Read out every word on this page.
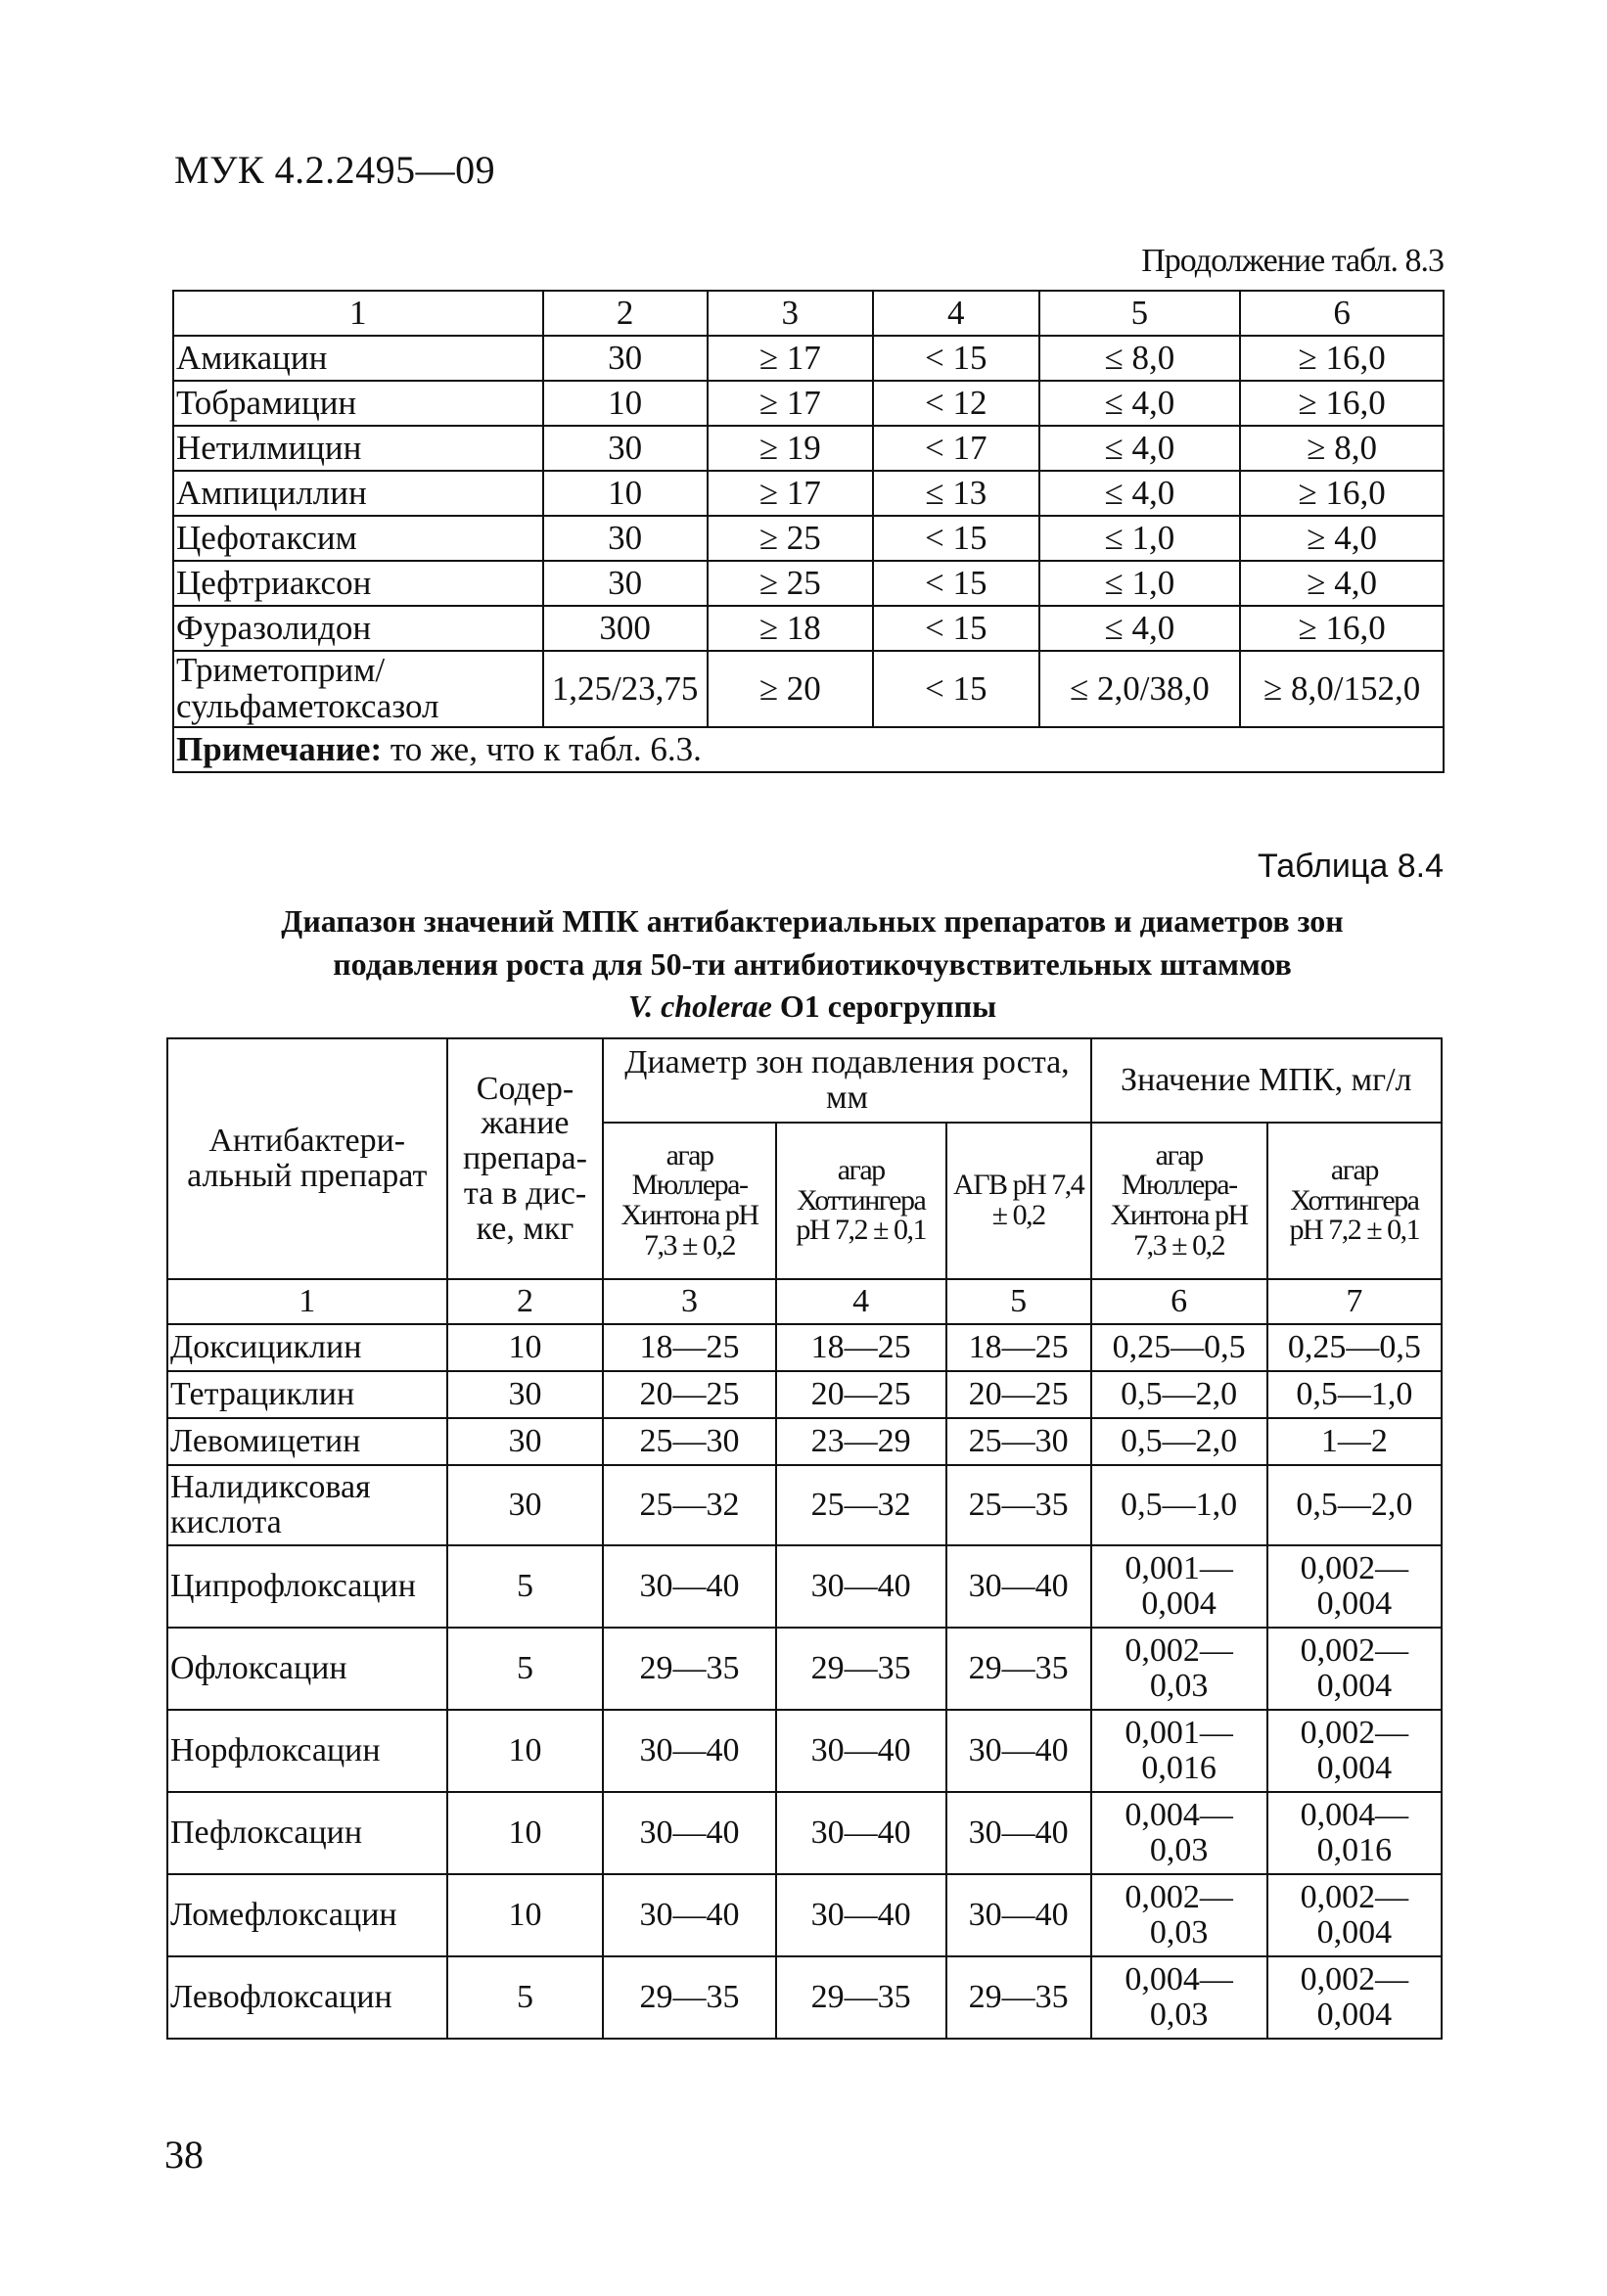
МУК 4.2.2495—09
Продолжение табл. 8.3
1	2	3	4	5	6
Амикацин	30	≥ 17	< 15	≤ 8,0	≥ 16,0
Тобрамицин	10	≥ 17	< 12	≤ 4,0	≥ 16,0
Нетилмицин	30	≥ 19	< 17	≤ 4,0	≥ 8,0
Ампициллин	10	≥ 17	≤ 13	≤ 4,0	≥ 16,0
Цефотаксим	30	≥ 25	< 15	≤ 1,0	≥ 4,0
Цефтриаксон	30	≥ 25	< 15	≤ 1,0	≥ 4,0
Фуразолидон	300	≥ 18	< 15	≤ 4,0	≥ 16,0
Триметоприм/ сульфаметоксазол	1,25/23,75	≥ 20	< 15	≤ 2,0/38,0	≥ 8,0/152,0
Примечание: то же, что к табл. 6.3.					
Таблица 8.4
Диапазон значений МПК антибактериальных препаратов и диаметров зон
подавления роста для 50-ти антибиотикочувствительных штаммов
V. cholerae О1 серогруппы
Антибактери- альный препарат	Содер- жание препара- та в дис- ке, мкг	Диаметр зон подавления роста, мм			Значение МПК, мг/л	
		агар Мюллера- Хинтона pH 7,3 ± 0,2	агар Хоттингера pH 7,2 ± 0,1	АГВ pH 7,4 ± 0,2	агар Мюллера- Хинтона pH 7,3 ± 0,2	агар Хоттингера pH 7,2 ± 0,1
1	2	3	4	5	6	7
Доксициклин	10	18—25	18—25	18—25	0,25—0,5	0,25—0,5
Тетрациклин	30	20—25	20—25	20—25	0,5—2,0	0,5—1,0
Левомицетин	30	25—30	23—29	25—30	0,5—2,0	1—2
Налидиксовая кислота	30	25—32	25—32	25—35	0,5—1,0	0,5—2,0
Ципрофлоксацин	5	30—40	30—40	30—40	0,001— 0,004	0,002— 0,004
Офлоксацин	5	29—35	29—35	29—35	0,002— 0,03	0,002— 0,004
Норфлоксацин	10	30—40	30—40	30—40	0,001— 0,016	0,002— 0,004
Пефлоксацин	10	30—40	30—40	30—40	0,004— 0,03	0,004— 0,016
Ломефлоксацин	10	30—40	30—40	30—40	0,002— 0,03	0,002— 0,004
Левофлоксацин	5	29—35	29—35	29—35	0,004— 0,03	0,002— 0,004
38
